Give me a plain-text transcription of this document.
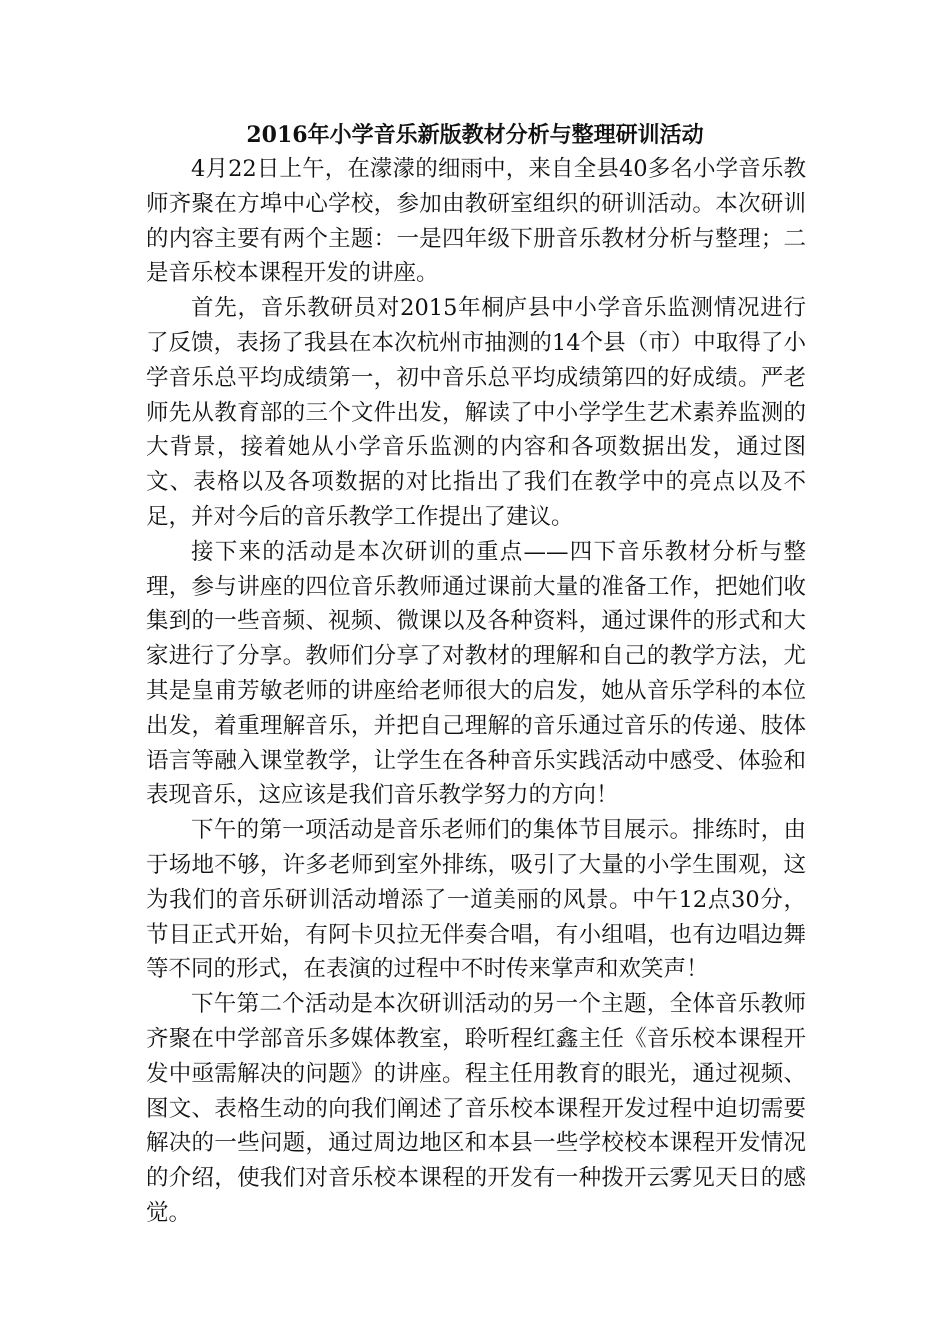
2016年小学音乐新版教材分析与整理研训活动

4月22日上午，在濛濛的细雨中，来自全县40多名小学音乐教师齐聚在方埠中心学校，参加由教研室组织的研训活动。本次研训的内容主要有两个主题：一是四年级下册音乐教材分析与整理；二是音乐校本课程开发的讲座。

首先，音乐教研员对2015年桐庐县中小学音乐监测情况进行了反馈，表扬了我县在本次杭州市抽测的14个县（市）中取得了小学音乐总平均成绩第一，初中音乐总平均成绩第四的好成绩。严老师先从教育部的三个文件出发，解读了中小学学生艺术素养监测的大背景，接着她从小学音乐监测的内容和各项数据出发，通过图文、表格以及各项数据的对比指出了我们在教学中的亮点以及不足，并对今后的音乐教学工作提出了建议。

接下来的活动是本次研训的重点——四下音乐教材分析与整理，参与讲座的四位音乐教师通过课前大量的准备工作，把她们收集到的一些音频、视频、微课以及各种资料，通过课件的形式和大家进行了分享。教师们分享了对教材的理解和自己的教学方法，尤其是皇甫芳敏老师的讲座给老师很大的启发，她从音乐学科的本位出发，着重理解音乐，并把自己理解的音乐通过音乐的传递、肢体语言等融入课堂教学，让学生在各种音乐实践活动中感受、体验和表现音乐，这应该是我们音乐教学努力的方向！

下午的第一项活动是音乐老师们的集体节目展示。排练时，由于场地不够，许多老师到室外排练，吸引了大量的小学生围观，这为我们的音乐研训活动增添了一道美丽的风景。中午12点30分，节目正式开始，有阿卡贝拉无伴奏合唱，有小组唱，也有边唱边舞等不同的形式，在表演的过程中不时传来掌声和欢笑声！

下午第二个活动是本次研训活动的另一个主题，全体音乐教师齐聚在中学部音乐多媒体教室，聆听程红鑫主任《音乐校本课程开发中亟需解决的问题》的讲座。程主任用教育的眼光，通过视频、图文、表格生动的向我们阐述了音乐校本课程开发过程中迫切需要解决的一些问题，通过周边地区和本县一些学校校本课程开发情况的介绍，使我们对音乐校本课程的开发有一种拨开云雾见天日的感觉。
